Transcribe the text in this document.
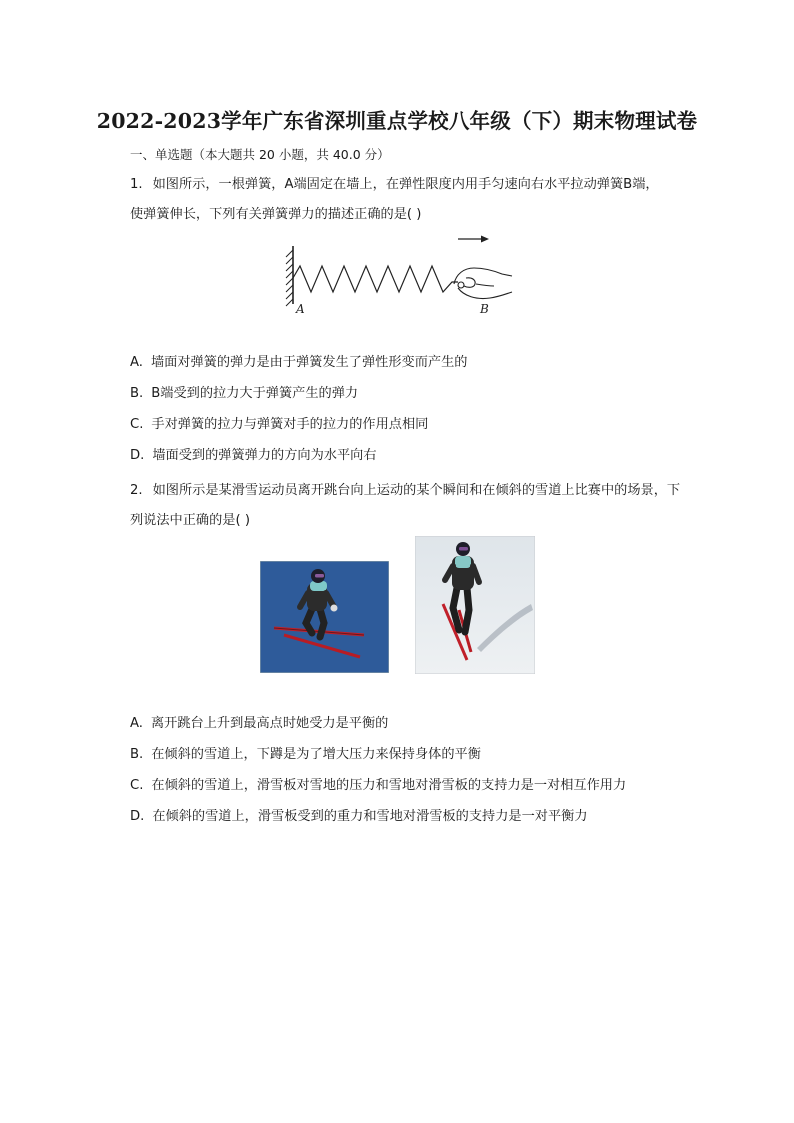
2022-2023学年广东省深圳重点学校八年级（下）期末物理试卷
一、单选题（本大题共 20 小题，共 40.0 分）
1. 如图所示，一根弹簧，A端固定在墙上，在弹性限度内用手匀速向右水平拉动弹簧B端，使弹簧伸长，下列有关弹簧弹力的描述正确的是( )
A	B
A. 墙面对弹簧的弹力是由于弹簧发生了弹性形变而产生的
B. B端受到的拉力大于弹簧产生的弹力
C. 手对弹簧的拉力与弹簧对手的拉力的作用点相同
D. 墙面受到的弹簧弹力的方向为水平向右
2. 如图所示是某滑雪运动员离开跳台向上运动的某个瞬间和在倾斜的雪道上比赛中的场景，下列说法中正确的是( )
A. 离开跳台上升到最高点时她受力是平衡的
B. 在倾斜的雪道上，下蹲是为了增大压力来保持身体的平衡
C. 在倾斜的雪道上，滑雪板对雪地的压力和雪地对滑雪板的支持力是一对相互作用力
D. 在倾斜的雪道上，滑雪板受到的重力和雪地对滑雪板的支持力是一对平衡力
